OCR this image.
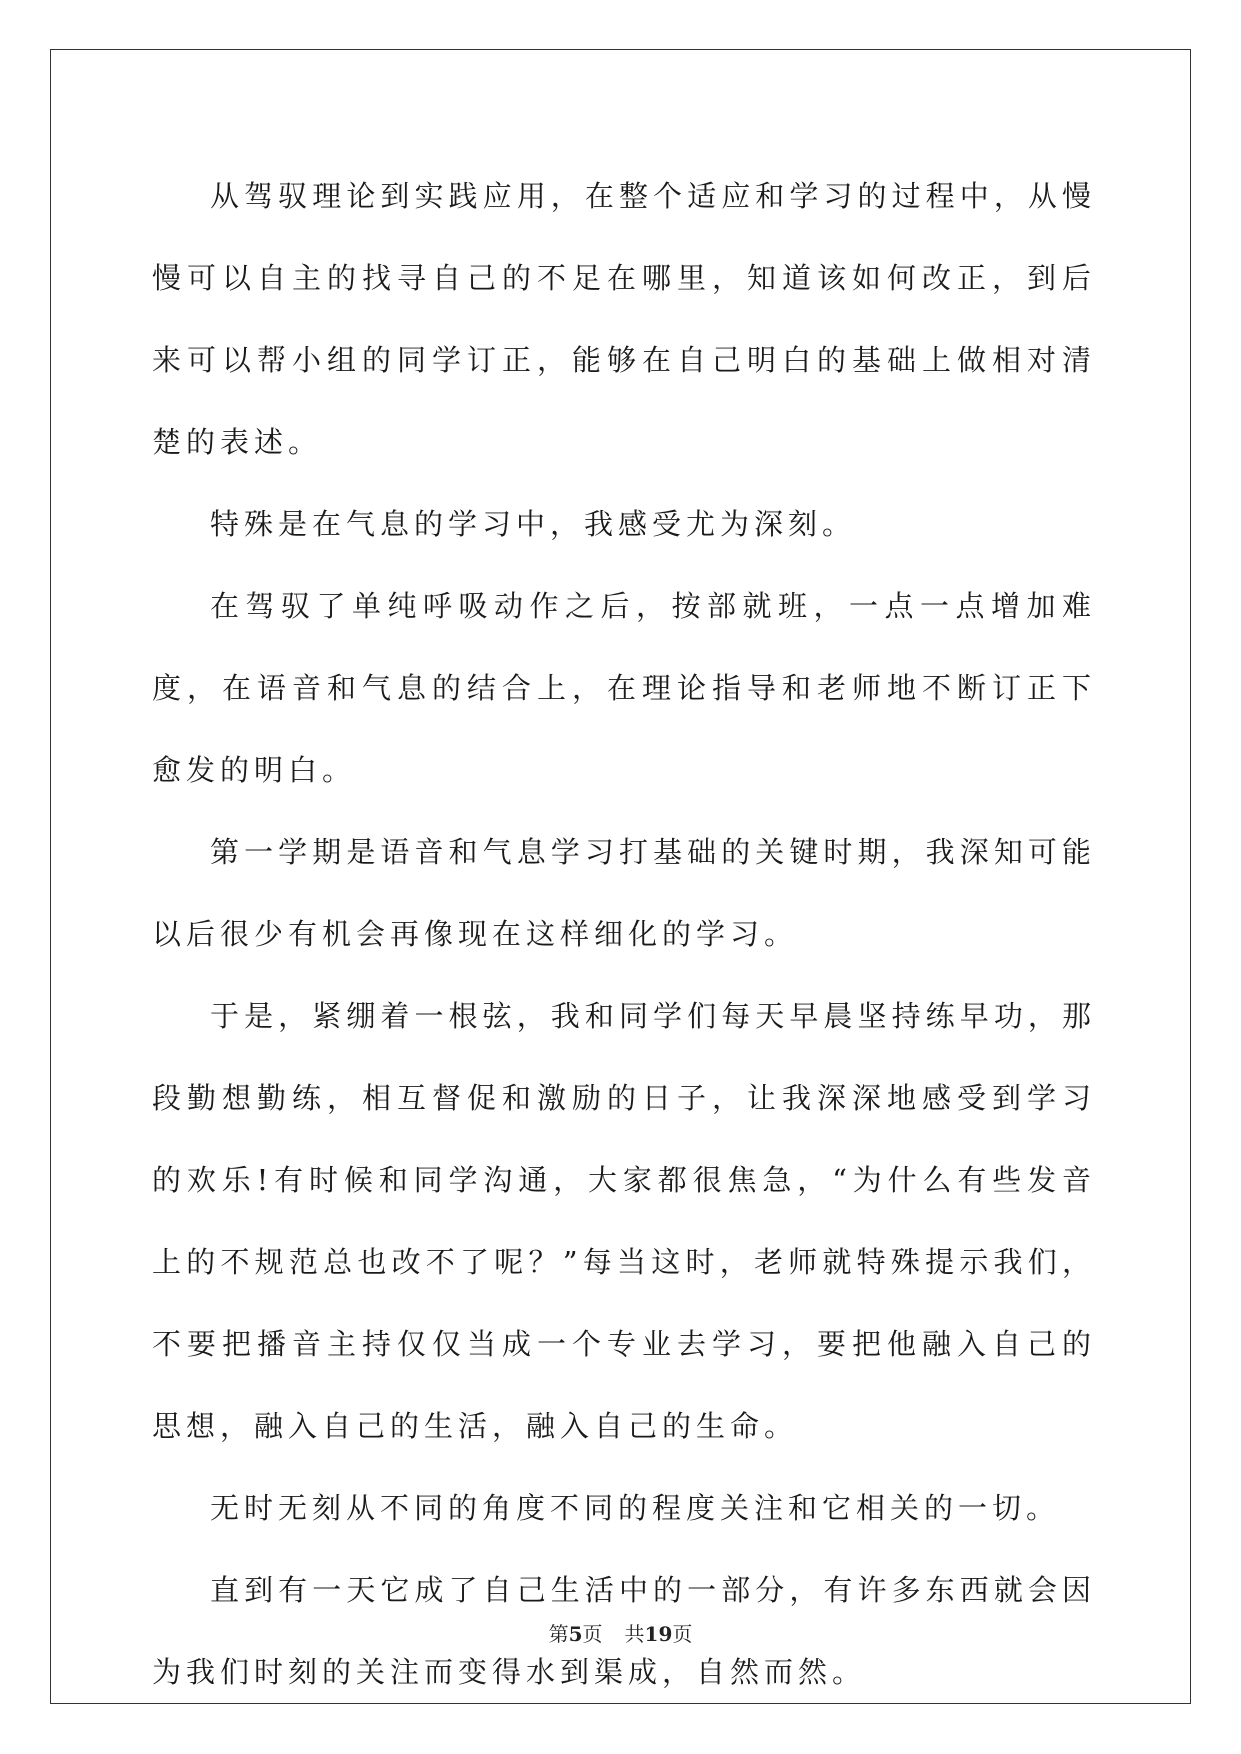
从驾驭理论到实践应用，在整个适应和学习的过程中，从慢慢可以自主的找寻自己的不足在哪里，知道该如何改正，到后来可以帮小组的同学订正，能够在自己明白的基础上做相对清楚的表述。

特殊是在气息的学习中，我感受尤为深刻。

在驾驭了单纯呼吸动作之后，按部就班，一点一点增加难度，在语音和气息的结合上，在理论指导和老师地不断订正下愈发的明白。

第一学期是语音和气息学习打基础的关键时期，我深知可能以后很少有机会再像现在这样细化的学习。

于是，紧绷着一根弦，我和同学们每天早晨坚持练早功，那段勤想勤练，相互督促和激励的日子，让我深深地感受到学习的欢乐!有时候和同学沟通，大家都很焦急，“为什么有些发音上的不规范总也改不了呢？”每当这时，老师就特殊提示我们，不要把播音主持仅仅当成一个专业去学习，要把他融入自己的思想，融入自己的生活，融入自己的生命。

无时无刻从不同的角度不同的程度关注和它相关的一切。

直到有一天它成了自己生活中的一部分，有许多东西就会因为我们时刻的关注而变得水到渠成，自然而然。

第5页 共19页
